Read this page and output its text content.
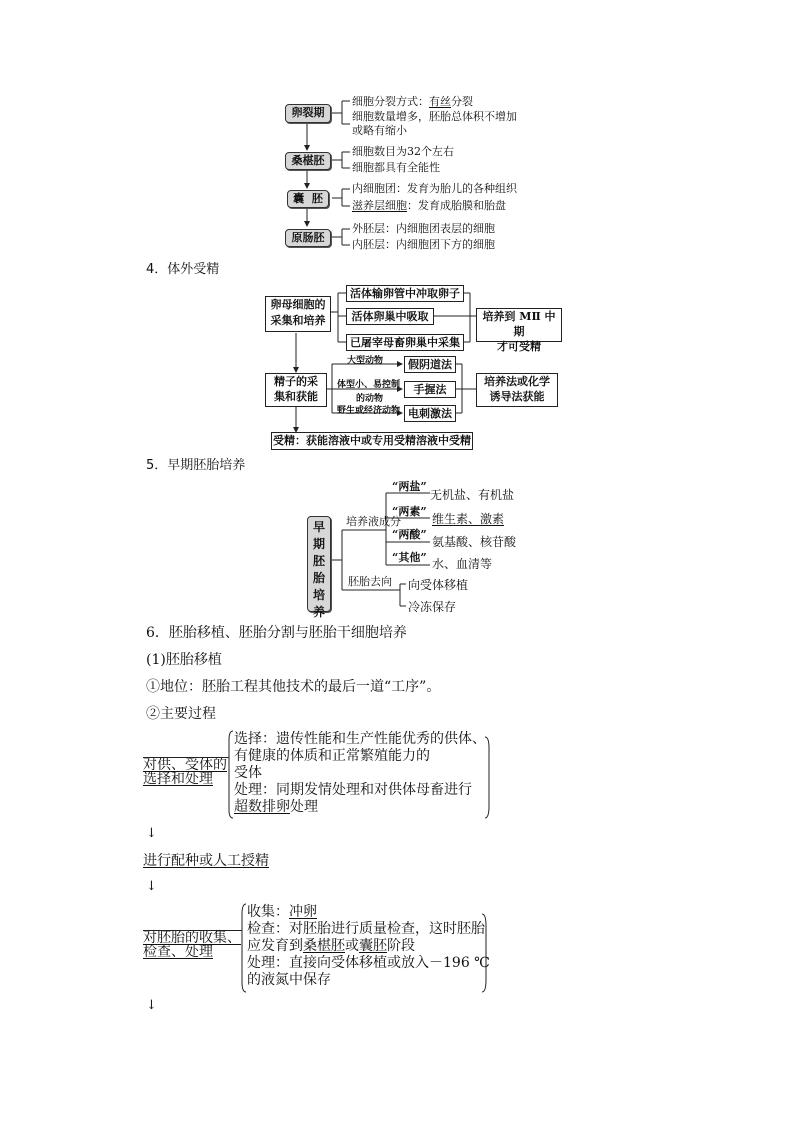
卵裂期
细胞分裂方式：有丝分裂
细胞数量增多，胚胎总体积不增加
或略有缩小
桑椹胚
细胞数目为32个左右
细胞都具有全能性
囊  胚
内细胞团：发育为胎儿的各种组织
滋养层细胞：发育成胎膜和胎盘
原肠胚
外胚层：内细胞团表层的细胞
内胚层：内细胞团下方的细胞
4．体外受精
卵母细胞的
采集和培养
活体输卵管中冲取卵子
活体卵巢中吸取
已屠宰母畜卵巢中采集
培养到 MⅡ 中期
才可受精
精子的采
集和获能
大型动物
体型小、易控制
的动物
野生或经济动物
假阴道法
手握法
电刺激法
培养法或化学
诱导法获能
受精：获能溶液中或专用受精溶液中受精
5．早期胚胎培养
早
期
胚
胎
培
养
培养液成分
胚胎去向
“两盐”
无机盐、有机盐
“两素”
维生素、激素
“两酸”
氨基酸、核苷酸
“其他” 水、血清等
向受体移植
冷冻保存
6．胚胎移植、胚胎分割与胚胎干细胞培养
(1)胚胎移植
①地位：胚胎工程其他技术的最后一道“工序”。
②主要过程
对供、受体的
选择和处理
选择：遗传性能和生产性能优秀的供体、
有健康的体质和正常繁殖能力的
受体
处理：同期发情处理和对供体母畜进行
超数排卵处理
↓
进行配种或人工授精
↓
对胚胎的收集、
检查、处理
收集：冲卵
检查：对胚胎进行质量检查，这时胚胎
应发育到桑椹胚或囊胚阶段
处理：直接向受体移植或放入－196 ℃
的液氮中保存
↓
